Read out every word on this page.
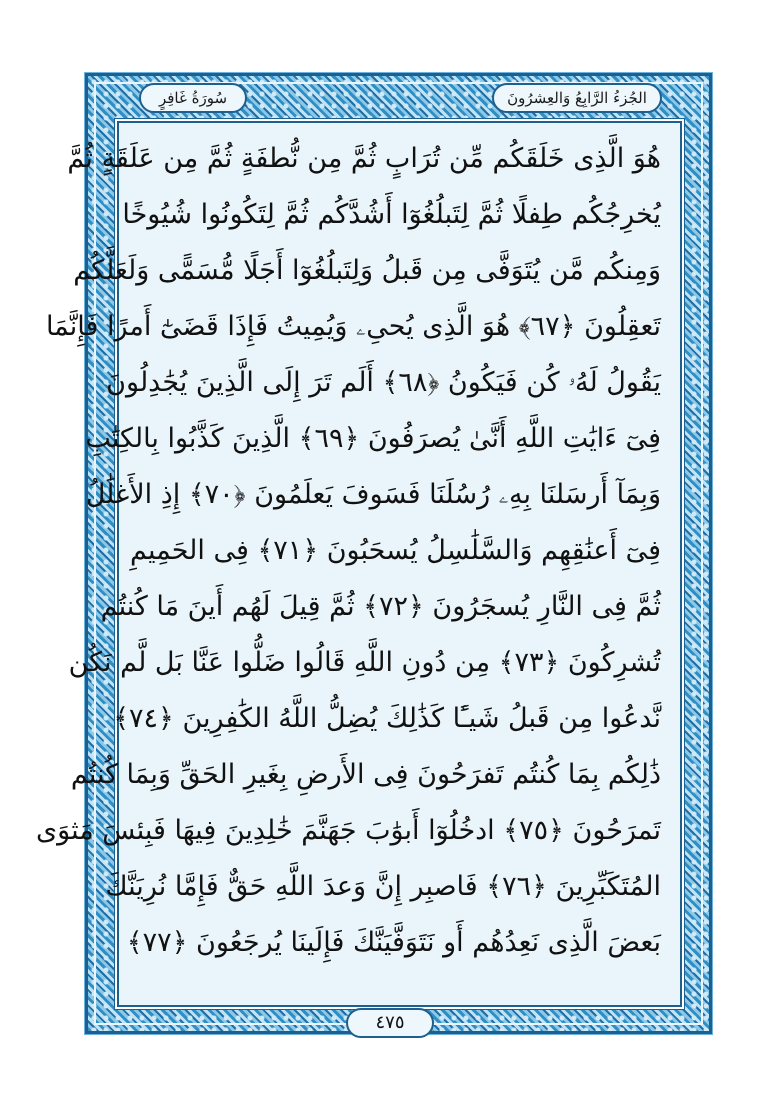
الجُزءُ الرَّابِعُ وَالعِشرُونَ
سُورَةُ غَافِرٍ
هُوَ الَّذِى خَلَقَكُم مِّن تُرَابٍ ثُمَّ مِن نُّطفَةٍ ثُمَّ مِن عَلَقَةٍ ثُمَّ
يُخرِجُكُم طِفلًا ثُمَّ لِتَبلُغُوٓا أَشُدَّكُم ثُمَّ لِتَكُونُوا شُيُوخًا
وَمِنكُم مَّن يُتَوَفَّى مِن قَبلُ وَلِتَبلُغُوٓا أَجَلًا مُّسَمًّى وَلَعَلَّكُم
تَعقِلُونَ ﴿٦٧﴾ هُوَ الَّذِى يُحىِۦ وَيُمِيتُ فَإِذَا قَضَىٰٓ أَمرًا فَإِنَّمَا
يَقُولُ لَهُۥ كُن فَيَكُونُ ﴿٦٨﴾ أَلَم تَرَ إِلَى الَّذِينَ يُجَٰدِلُونَ
فِىٓ ءَايَٰتِ اللَّهِ أَنَّىٰ يُصرَفُونَ ﴿٦٩﴾ الَّذِينَ كَذَّبُوا بِالكِتَٰبِ
وَبِمَآ أَرسَلنَا بِهِۦ رُسُلَنَا فَسَوفَ يَعلَمُونَ ﴿٧٠﴾ إِذِ الأَغلَٰلُ
فِىٓ أَعنَٰقِهِم وَالسَّلَٰسِلُ يُسحَبُونَ ﴿٧١﴾ فِى الحَمِيمِ
ثُمَّ فِى النَّارِ يُسجَرُونَ ﴿٧٢﴾ ثُمَّ قِيلَ لَهُم أَينَ مَا كُنتُم
تُشرِكُونَ ﴿٧٣﴾ مِن دُونِ اللَّهِ قَالُوا ضَلُّوا عَنَّا بَل لَّم نَكُن
نَّدعُوا مِن قَبلُ شَيـًٔا كَذَٰلِكَ يُضِلُّ اللَّهُ الكَٰفِرِينَ ﴿٧٤﴾
ذَٰلِكُم بِمَا كُنتُم تَفرَحُونَ فِى الأَرضِ بِغَيرِ الحَقِّ وَبِمَا كُنتُم
تَمرَحُونَ ﴿٧٥﴾ ادخُلُوٓا أَبوَٰبَ جَهَنَّمَ خَٰلِدِينَ فِيهَا فَبِئسَ مَثوَى
المُتَكَبِّرِينَ ﴿٧٦﴾ فَاصبِر إِنَّ وَعدَ اللَّهِ حَقٌّ فَإِمَّا نُرِيَنَّكَ
بَعضَ الَّذِى نَعِدُهُم أَو نَتَوَفَّيَنَّكَ فَإِلَينَا يُرجَعُونَ ﴿٧٧﴾
٤٧٥
